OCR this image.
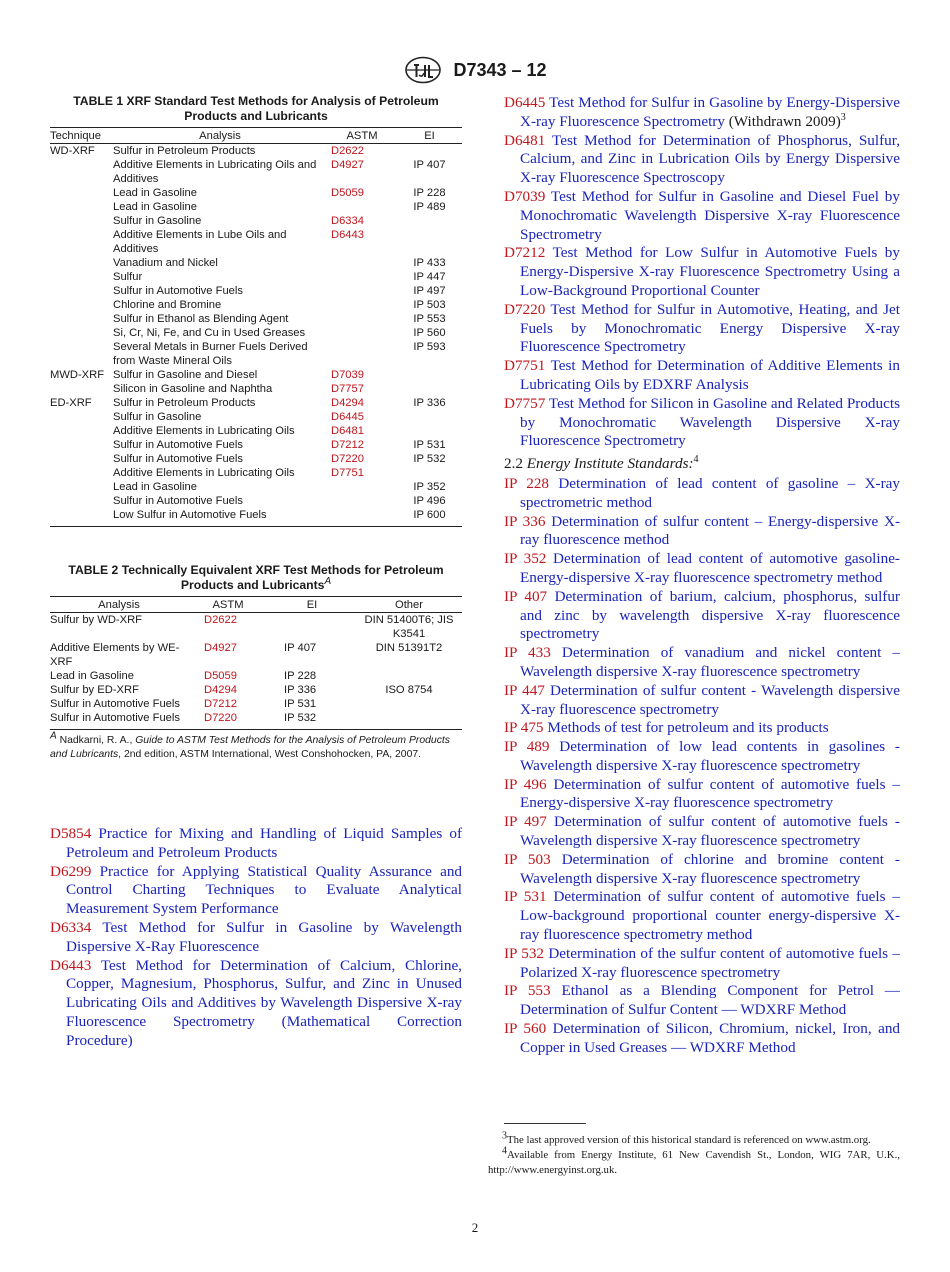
D7343 – 12
TABLE 1 XRF Standard Test Methods for Analysis of Petroleum Products and Lubricants
Technique	Analysis	ASTM	EI
WD-XRF	Sulfur in Petroleum Products	D2622	
	Additive Elements in Lubricating Oils and Additives	D4927	IP 407
	Lead in Gasoline	D5059	IP 228
	Lead in Gasoline		IP 489
	Sulfur in Gasoline	D6334	
	Additive Elements in Lube Oils and Additives	D6443	
	Vanadium and Nickel		IP 433
	Sulfur		IP 447
	Sulfur in Automotive Fuels		IP 497
	Chlorine and Bromine		IP 503
	Sulfur in Ethanol as Blending Agent		IP 553
	Si, Cr, Ni, Fe, and Cu in Used Greases		IP 560
	Several Metals in Burner Fuels Derived from Waste Mineral Oils		IP 593
MWD-XRF	Sulfur in Gasoline and Diesel	D7039	
	Silicon in Gasoline and Naphtha	D7757	
ED-XRF	Sulfur in Petroleum Products	D4294	IP 336
	Sulfur in Gasoline	D6445	
	Additive Elements in Lubricating Oils	D6481	
	Sulfur in Automotive Fuels	D7212	IP 531
	Sulfur in Automotive Fuels	D7220	IP 532
	Additive Elements in Lubricating Oils	D7751	
	Lead in Gasoline		IP 352
	Sulfur in Automotive Fuels		IP 496
	Low Sulfur in Automotive Fuels		IP 600
TABLE 2 Technically Equivalent XRF Test Methods for Petroleum Products and Lubricants$^A$
Analysis	ASTM	EI	Other
Sulfur by WD-XRF	D2622		DIN 51400T6; JIS K3541
Additive Elements by WE-XRF	D4927	IP 407	DIN 51391T2
Lead in Gasoline	D5059	IP 228	
Sulfur by ED-XRF	D4294	IP 336	ISO 8754
Sulfur in Automotive Fuels	D7212	IP 531	
Sulfur in Automotive Fuels	D7220	IP 532	
A Nadkarni, R. A., Guide to ASTM Test Methods for the Analysis of Petroleum Products and Lubricants, 2nd edition, ASTM International, West Conshohocken, PA, 2007.

D5854 Practice for Mixing and Handling of Liquid Samples of Petroleum and Petroleum Products

D6299 Practice for Applying Statistical Quality Assurance and Control Charting Techniques to Evaluate Analytical Measurement System Performance

D6334 Test Method for Sulfur in Gasoline by Wavelength Dispersive X-Ray Fluorescence

D6443 Test Method for Determination of Calcium, Chlorine, Copper, Magnesium, Phosphorus, Sulfur, and Zinc in Unused Lubricating Oils and Additives by Wavelength Dispersive X-ray Fluorescence Spectrometry (Mathematical Correction Procedure)

D6445 Test Method for Sulfur in Gasoline by Energy-Dispersive X-ray Fluorescence Spectrometry (Withdrawn 2009)$^3$

D6481 Test Method for Determination of Phosphorus, Sulfur, Calcium, and Zinc in Lubrication Oils by Energy Dispersive X-ray Fluorescence Spectroscopy

D7039 Test Method for Sulfur in Gasoline and Diesel Fuel by Monochromatic Wavelength Dispersive X-ray Fluorescence Spectrometry

D7212 Test Method for Low Sulfur in Automotive Fuels by Energy-Dispersive X-ray Fluorescence Spectrometry Using a Low-Background Proportional Counter

D7220 Test Method for Sulfur in Automotive, Heating, and Jet Fuels by Monochromatic Energy Dispersive X-ray Fluorescence Spectrometry

D7751 Test Method for Determination of Additive Elements in Lubricating Oils by EDXRF Analysis

D7757 Test Method for Silicon in Gasoline and Related Products by Monochromatic Wavelength Dispersive X-ray Fluorescence Spectrometry

2.2 Energy Institute Standards:$^4$

IP 228 Determination of lead content of gasoline – X-ray spectrometric method

IP 336 Determination of sulfur content – Energy-dispersive X-ray fluorescence method

IP 352 Determination of lead content of automotive gasoline- Energy-dispersive X-ray fluorescence spectrometry method

IP 407 Determination of barium, calcium, phosphorus, sulfur and zinc by wavelength dispersive X-ray fluorescence spectrometry

IP 433 Determination of vanadium and nickel content – Wavelength dispersive X-ray fluorescence spectrometry

IP 447 Determination of sulfur content - Wavelength dispersive X-ray fluorescence spectrometry

IP 475 Methods of test for petroleum and its products

IP 489 Determination of low lead contents in gasolines - Wavelength dispersive X-ray fluorescence spectrometry

IP 496 Determination of sulfur content of automotive fuels – Energy-dispersive X-ray fluorescence spectrometry

IP 497 Determination of sulfur content of automotive fuels - Wavelength dispersive X-ray fluorescence spectrometry

IP 503 Determination of chlorine and bromine content - Wavelength dispersive X-ray fluorescence spectrometry

IP 531 Determination of sulfur content of automotive fuels – Low-background proportional counter energy-dispersive X-ray fluorescence spectrometry method

IP 532 Determination of the sulfur content of automotive fuels – Polarized X-ray fluorescence spectrometry

IP 553 Ethanol as a Blending Component for Petrol — Determination of Sulfur Content — WDXRF Method

IP 560 Determination of Silicon, Chromium, nickel, Iron, and Copper in Used Greases — WDXRF Method

3The last approved version of this historical standard is referenced on www.astm.org.

4Available from Energy Institute, 61 New Cavendish St., London, WIG 7AR, U.K., http://www.energyinst.org.uk.

2
